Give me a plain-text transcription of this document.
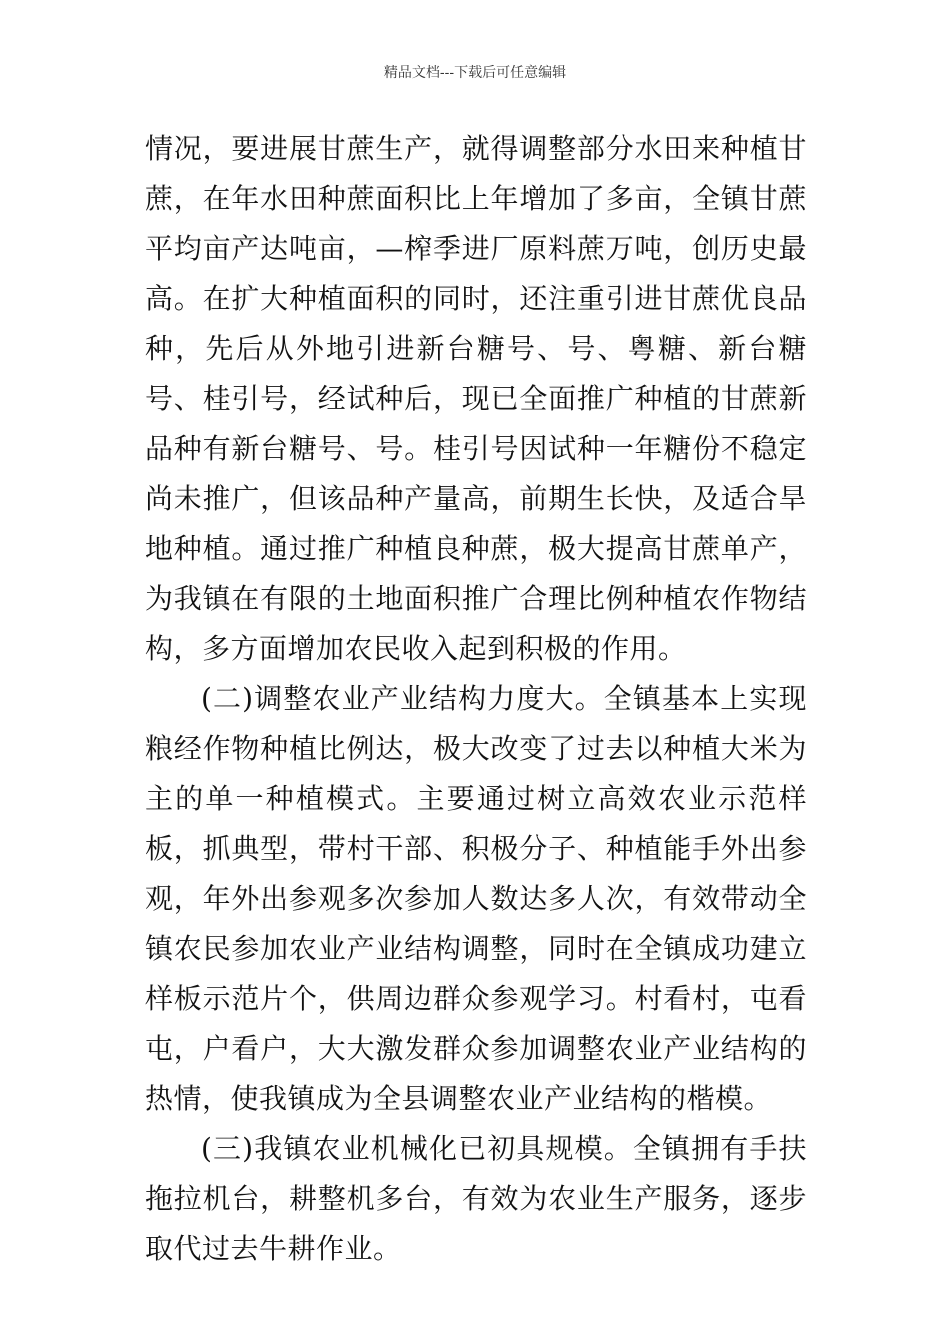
精品文档---下载后可任意编辑

情况，要进展甘蔗生产，就得调整部分水田来种植甘蔗，在年水田种蔗面积比上年增加了多亩，全镇甘蔗平均亩产达吨亩，—榨季进厂原料蔗万吨，创历史最高。在扩大种植面积的同时，还注重引进甘蔗优良品种，先后从外地引进新台糖号、号、粤糖、新台糖号、桂引号，经试种后，现已全面推广种植的甘蔗新品种有新台糖号、号。桂引号因试种一年糖份不稳定尚未推广，但该品种产量高，前期生长快，及适合旱地种植。通过推广种植良种蔗，极大提高甘蔗单产，为我镇在有限的土地面积推广合理比例种植农作物结构，多方面增加农民收入起到积极的作用。

(二)调整农业产业结构力度大。全镇基本上实现粮经作物种植比例达，极大改变了过去以种植大米为主的单一种植模式。主要通过树立高效农业示范样板，抓典型，带村干部、积极分子、种植能手外出参观，年外出参观多次参加人数达多人次，有效带动全镇农民参加农业产业结构调整，同时在全镇成功建立样板示范片个，供周边群众参观学习。村看村，屯看屯，户看户，大大激发群众参加调整农业产业结构的热情，使我镇成为全县调整农业产业结构的楷模。

(三)我镇农业机械化已初具规模。全镇拥有手扶拖拉机台，耕整机多台，有效为农业生产服务，逐步取代过去牛耕作业。
